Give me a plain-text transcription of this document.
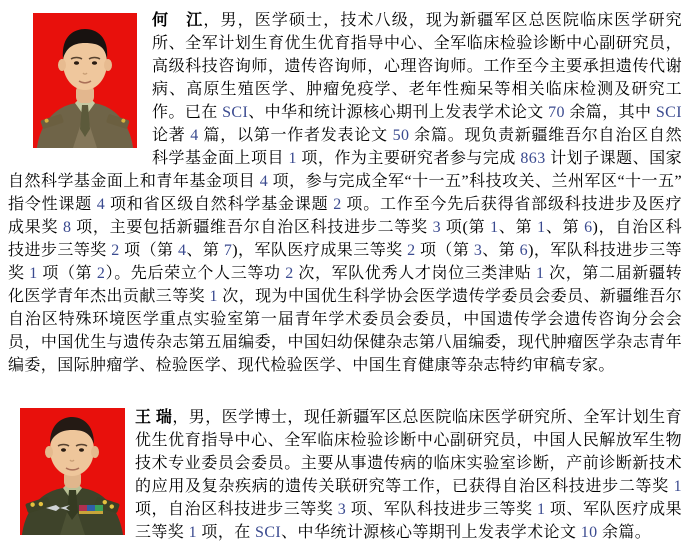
何　江，男，医学硕士，技术八级，现为新疆军区总医院临床医学研究所、全军计划生育优生优育指导中心、全军临床检验诊断中心副研究员，高级科技咨询师，遗传咨询师，心理咨询师。工作至今主要承担遗传代谢病、高原生殖医学、肿瘤免疫学、老年性痴呆等相关临床检测及研究工作。已在 SCI、中华和统计源核心期刊上发表学术论文 70 余篇，其中 SCI 论著 4 篇，以第一作者发表论文 50 余篇。现负责新疆维吾尔自治区自然科学基金面上项目 1 项，作为主要研究者参与完成 863 计划子课题、国家自然科学基金面上和青年基金项目 4 项，参与完成全军“十一五”科技攻关、兰州军区“十一五”指令性课题 4 项和省区级自然科学基金课题 2 项。工作至今先后获得省部级科技进步及医疗成果奖 8 项，主要包括新疆维吾尔自治区科技进步二等奖 3 项(第 1、第 1、第 6)，自治区科技进步三等奖 2 项（第 4、第 7)，军队医疗成果三等奖 2 项（第 3、第 6)，军队科技进步三等奖 1 项（第 2）。先后荣立个人三等功 2 次，军队优秀人才岗位三类津贴 1 次，第二届新疆转化医学青年杰出贡献三等奖 1 次，现为中国优生科学协会医学遗传学委员会委员、新疆维吾尔自治区特殊环境医学重点实验室第一届青年学术委员会委员，中国遗传学会遗传咨询分会会员，中国优生与遗传杂志第五届编委，中国妇幼保健杂志第八届编委，现代肿瘤医学杂志青年编委，国际肿瘤学、检验医学、现代检验医学、中国生育健康等杂志特约审稿专家。

王 瑞，男，医学博士，现任新疆军区总医院临床医学研究所、全军计划生育优生优育指导中心、全军临床检验诊断中心副研究员，中国人民解放军生物技术专业委员会委员。主要从事遗传病的临床实验室诊断，产前诊断新技术的应用及复杂疾病的遗传关联研究等工作，已获得自治区科技进步二等奖 1 项，自治区科技进步三等奖 3 项、军队科技进步三等奖 1 项、军队医疗成果三等奖 1 项，在 SCI、中华统计源核心等期刊上发表学术论文 10 余篇。
